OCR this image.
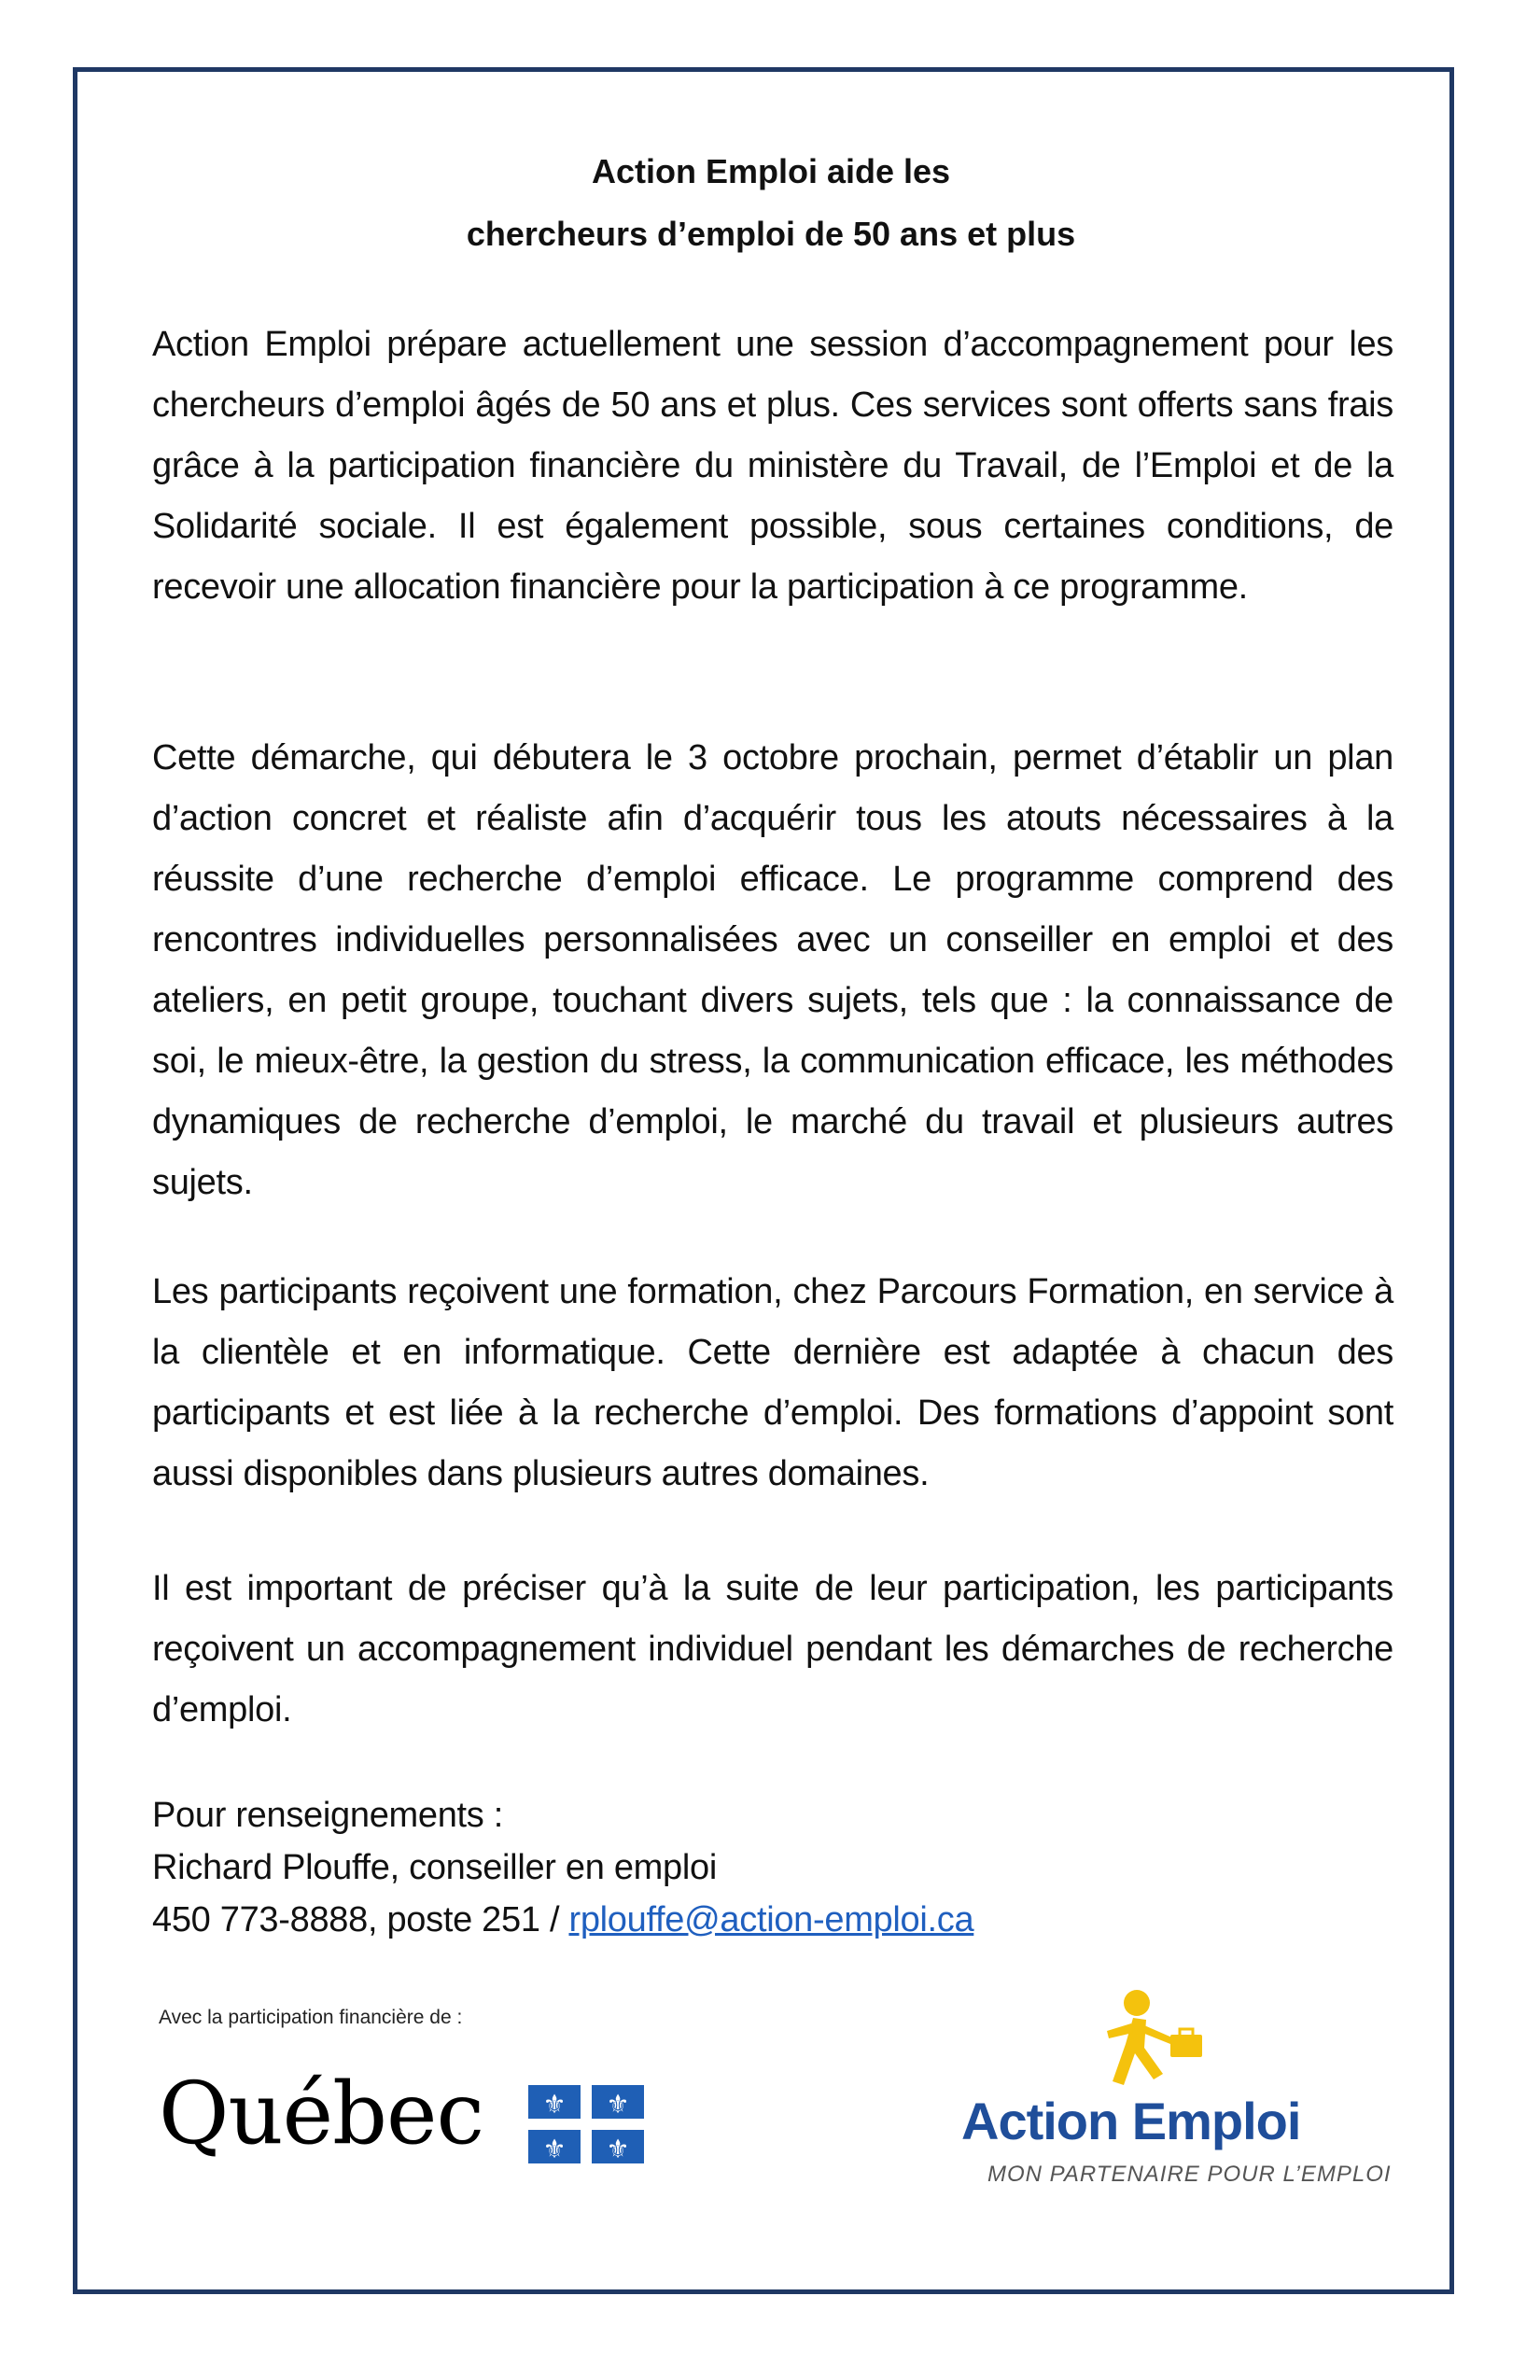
Action Emploi aide les
chercheurs d’emploi de 50 ans et plus

Action Emploi prépare actuellement une session d’accompagnement pour les chercheurs d’emploi âgés de 50 ans et plus. Ces services sont offerts sans frais grâce à la participation financière du ministère du Travail, de l’Emploi et de la Solidarité sociale. Il est également possible, sous certaines conditions, de recevoir une allocation financière pour la participation à ce programme.

Cette démarche, qui débutera le 3 octobre prochain, permet d’établir un plan d’action concret et réaliste afin d’acquérir tous les atouts nécessaires à la réussite d’une recherche d’emploi efficace. Le programme comprend des rencontres individuelles personnalisées avec un conseiller en emploi et des ateliers, en petit groupe, touchant divers sujets, tels que : la connaissance de soi, le mieux-être, la gestion du stress, la communication efficace, les méthodes dynamiques de recherche d’emploi, le marché du travail et plusieurs autres sujets.

Les participants reçoivent une formation, chez Parcours Formation, en service à la clientèle et en informatique. Cette dernière est adaptée à chacun des participants et est liée à la recherche d’emploi. Des formations d’appoint sont aussi disponibles dans plusieurs autres domaines.

Il est important de préciser qu’à la suite de leur participation, les participants reçoivent un accompagnement individuel pendant les démarches de recherche d’emploi.

Pour renseignements :
Richard Plouffe, conseiller en emploi
450 773-8888, poste 251 / rplouffe@action-emploi.ca
Avec la participation financière de :
Québec ⚜ ⚜
⚜ ⚜	Action Emploi
MON PARTENAIRE POUR L’EMPLOI
